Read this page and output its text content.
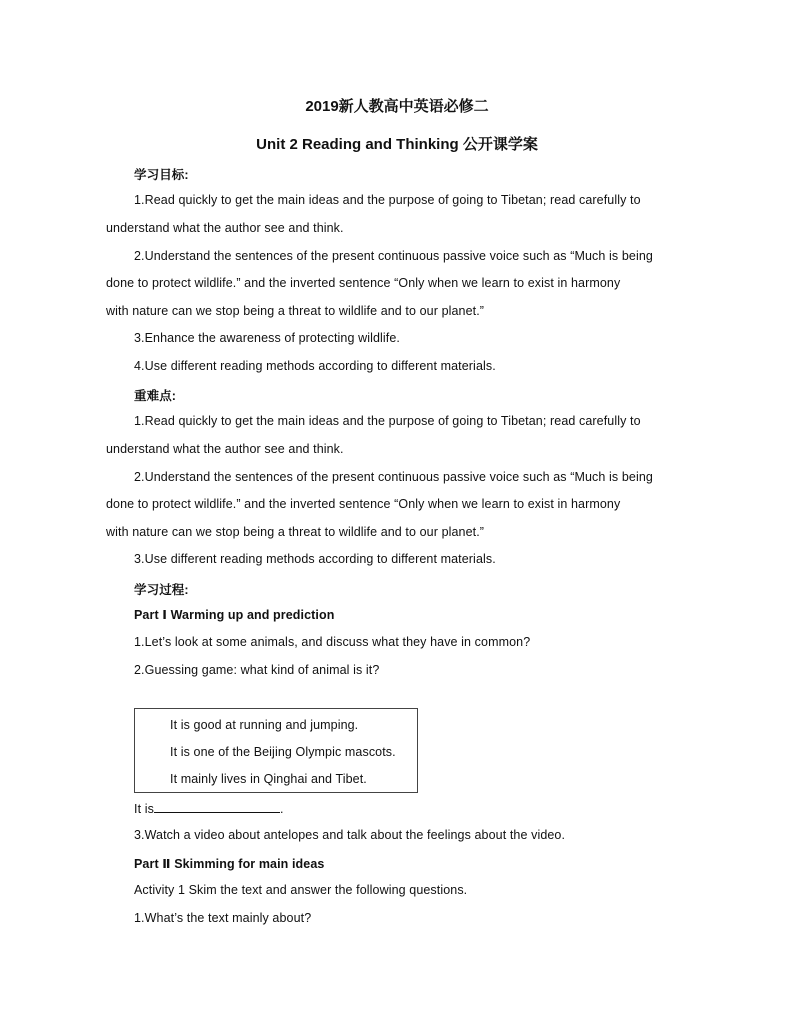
2019新人教高中英语必修二
Unit 2 Reading and Thinking 公开课学案
学习目标:
1.Read quickly to get the main ideas and the purpose of going to Tibetan; read carefully to
understand what the author see and think.
2.Understand the sentences of the present continuous passive voice such as “Much is being
done to protect wildlife.” and the inverted sentence “Only when we learn to exist in harmony
with nature can we stop being a threat to wildlife and to our planet.”
3.Enhance the awareness of protecting wildlife.
4.Use different reading methods according to different materials.
重难点:
1.Read quickly to get the main ideas and the purpose of going to Tibetan; read carefully to
understand what the author see and think.
2.Understand the sentences of the present continuous passive voice such as “Much is being
done to protect wildlife.” and the inverted sentence “Only when we learn to exist in harmony
with nature can we stop being a threat to wildlife and to our planet.”
3.Use different reading methods according to different materials.
学习过程:
Part Ⅰ Warming up and prediction
1.Let’s look at some animals, and discuss what they have in common?
2.Guessing game: what kind of animal is it?
It is good at running and jumping.
It is one of the Beijing Olympic mascots.
It mainly lives in Qinghai and Tibet.
It is	.
3.Watch a video about antelopes and talk about the feelings about the video.
Part Ⅱ Skimming for main ideas
Activity 1 Skim the text and answer the following questions.
1.What’s the text mainly about?
